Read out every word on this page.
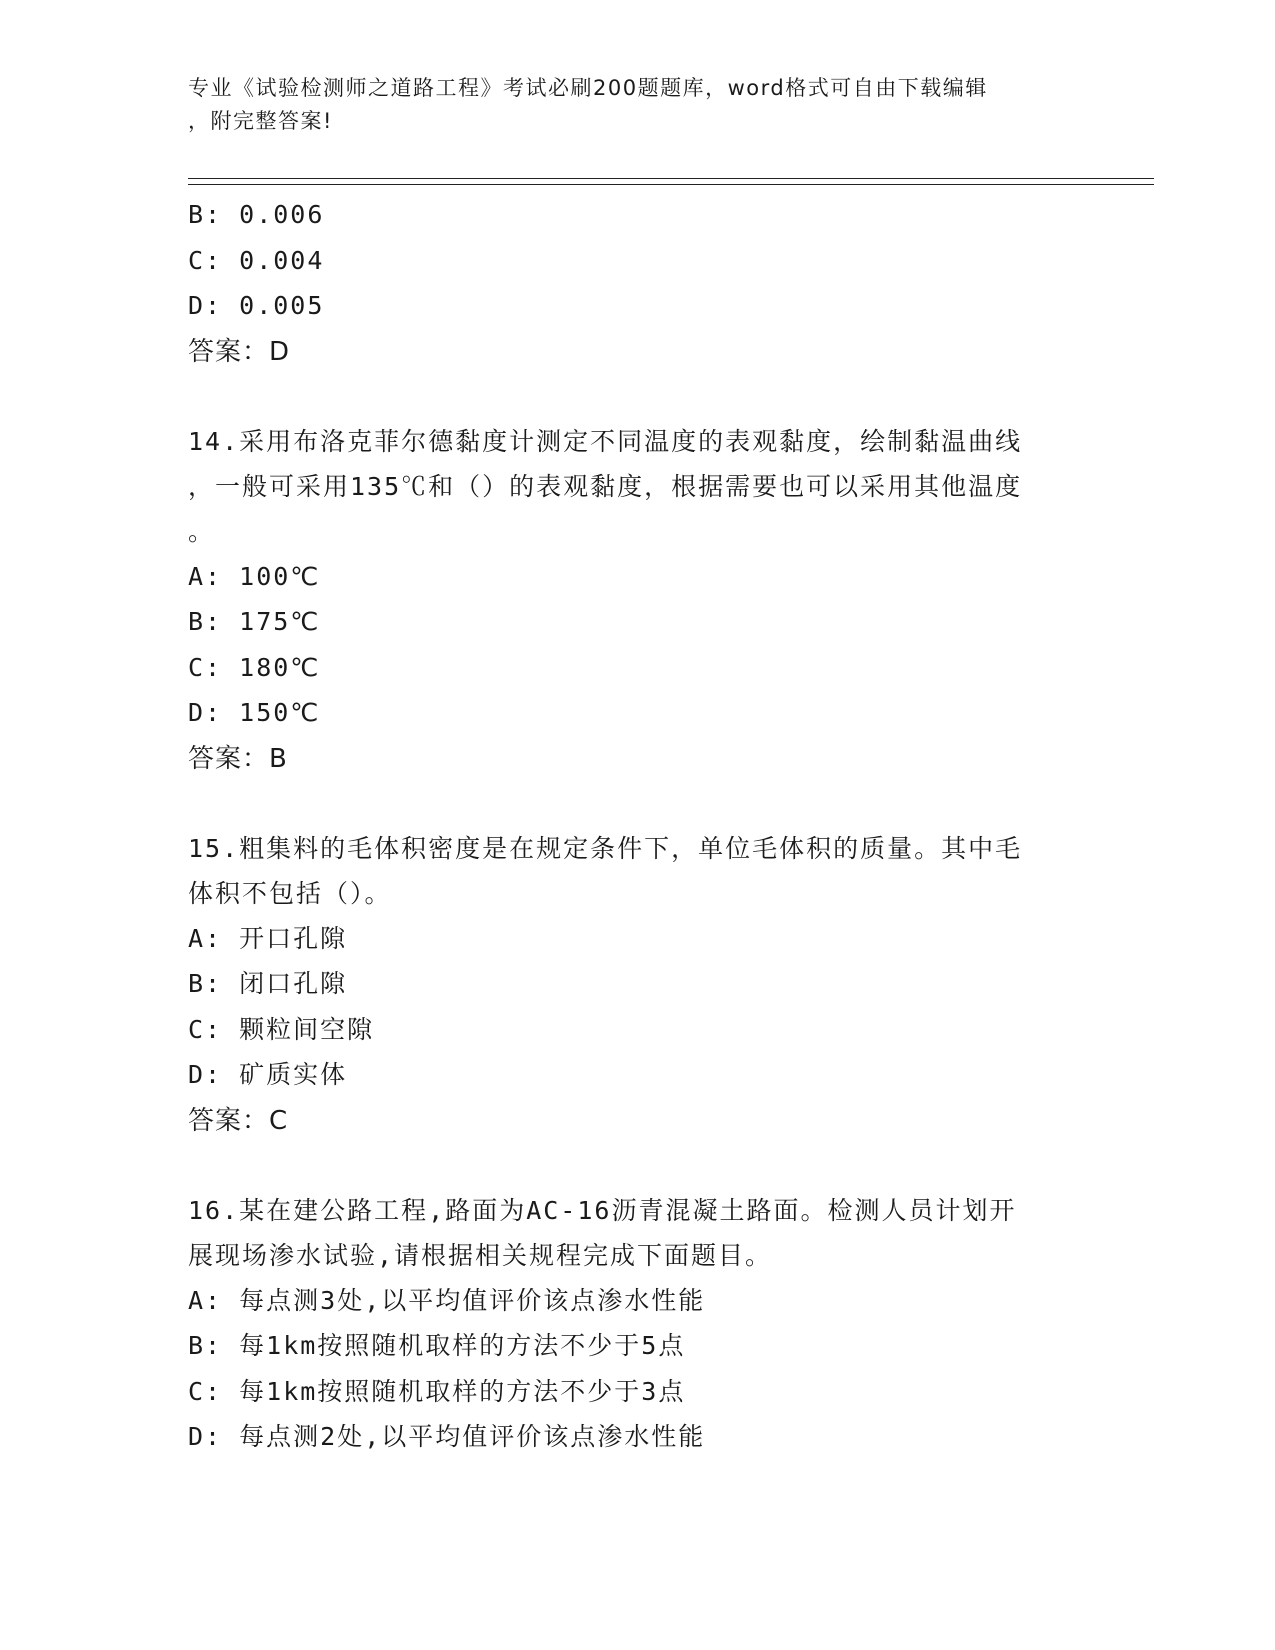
专业《试验检测师之道路工程》考试必刷200题题库，word格式可自由下载编辑
，附完整答案!
B: 0.006
C: 0.004
D: 0.005
答案：D
14.采用布洛克菲尔德黏度计测定不同温度的表观黏度，绘制黏温曲线
，一般可采用135℃和（）的表观黏度，根据需要也可以采用其他温度
。
A: 100℃
B: 175℃
C: 180℃
D: 150℃
答案：B
15.粗集料的毛体积密度是在规定条件下，单位毛体积的质量。其中毛
体积不包括（）。
A: 开口孔隙
B: 闭口孔隙
C: 颗粒间空隙
D: 矿质实体
答案：C
16.某在建公路工程,路面为AC-16沥青混凝土路面。检测人员计划开
展现场渗水试验,请根据相关规程完成下面题目。
A: 每点测3处,以平均值评价该点渗水性能
B: 每1km按照随机取样的方法不少于5点
C: 每1km按照随机取样的方法不少于3点
D: 每点测2处,以平均值评价该点渗水性能
